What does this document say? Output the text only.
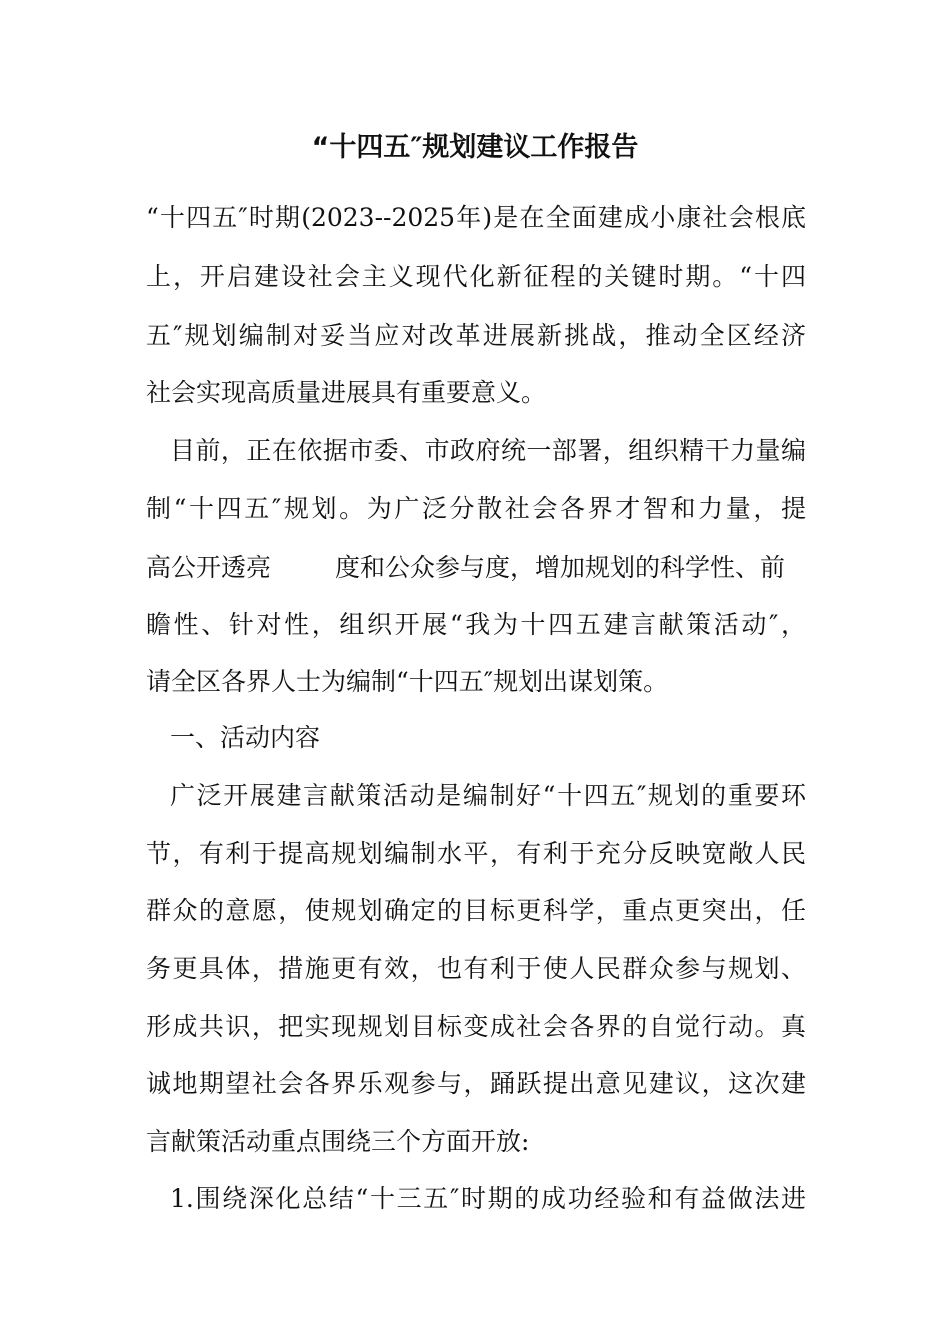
“十四五″规划建议工作报告
“十四五″时期(2023--2025年)是在全面建成小康社会根底
上，开启建设社会主义现代化新征程的关键时期。“十四
五″规划编制对妥当应对改革进展新挑战，推动全区经济
社会实现高质量进展具有重要意义。
目前，正在依据市委、市政府统一部署，组织精干力量编
制“十四五″规划。为广泛分散社会各界才智和力量，提
高公开透亮	度和公众参与度，增加规划的科学性、前
瞻性、针对性，组织开展“我为十四五建言献策活动″，
请全区各界人士为编制“十四五″规划出谋划策。
一、活动内容
广泛开展建言献策活动是编制好“十四五″规划的重要环
节，有利于提高规划编制水平，有利于充分反映宽敞人民
群众的意愿，使规划确定的目标更科学，重点更突出，任
务更具体，措施更有效，也有利于使人民群众参与规划、
形成共识，把实现规划目标变成社会各界的自觉行动。真
诚地期望社会各界乐观参与，踊跃提出意见建议，这次建
言献策活动重点围绕三个方面开放:
1.围绕深化总结“十三五″时期的成功经验和有益做法进
